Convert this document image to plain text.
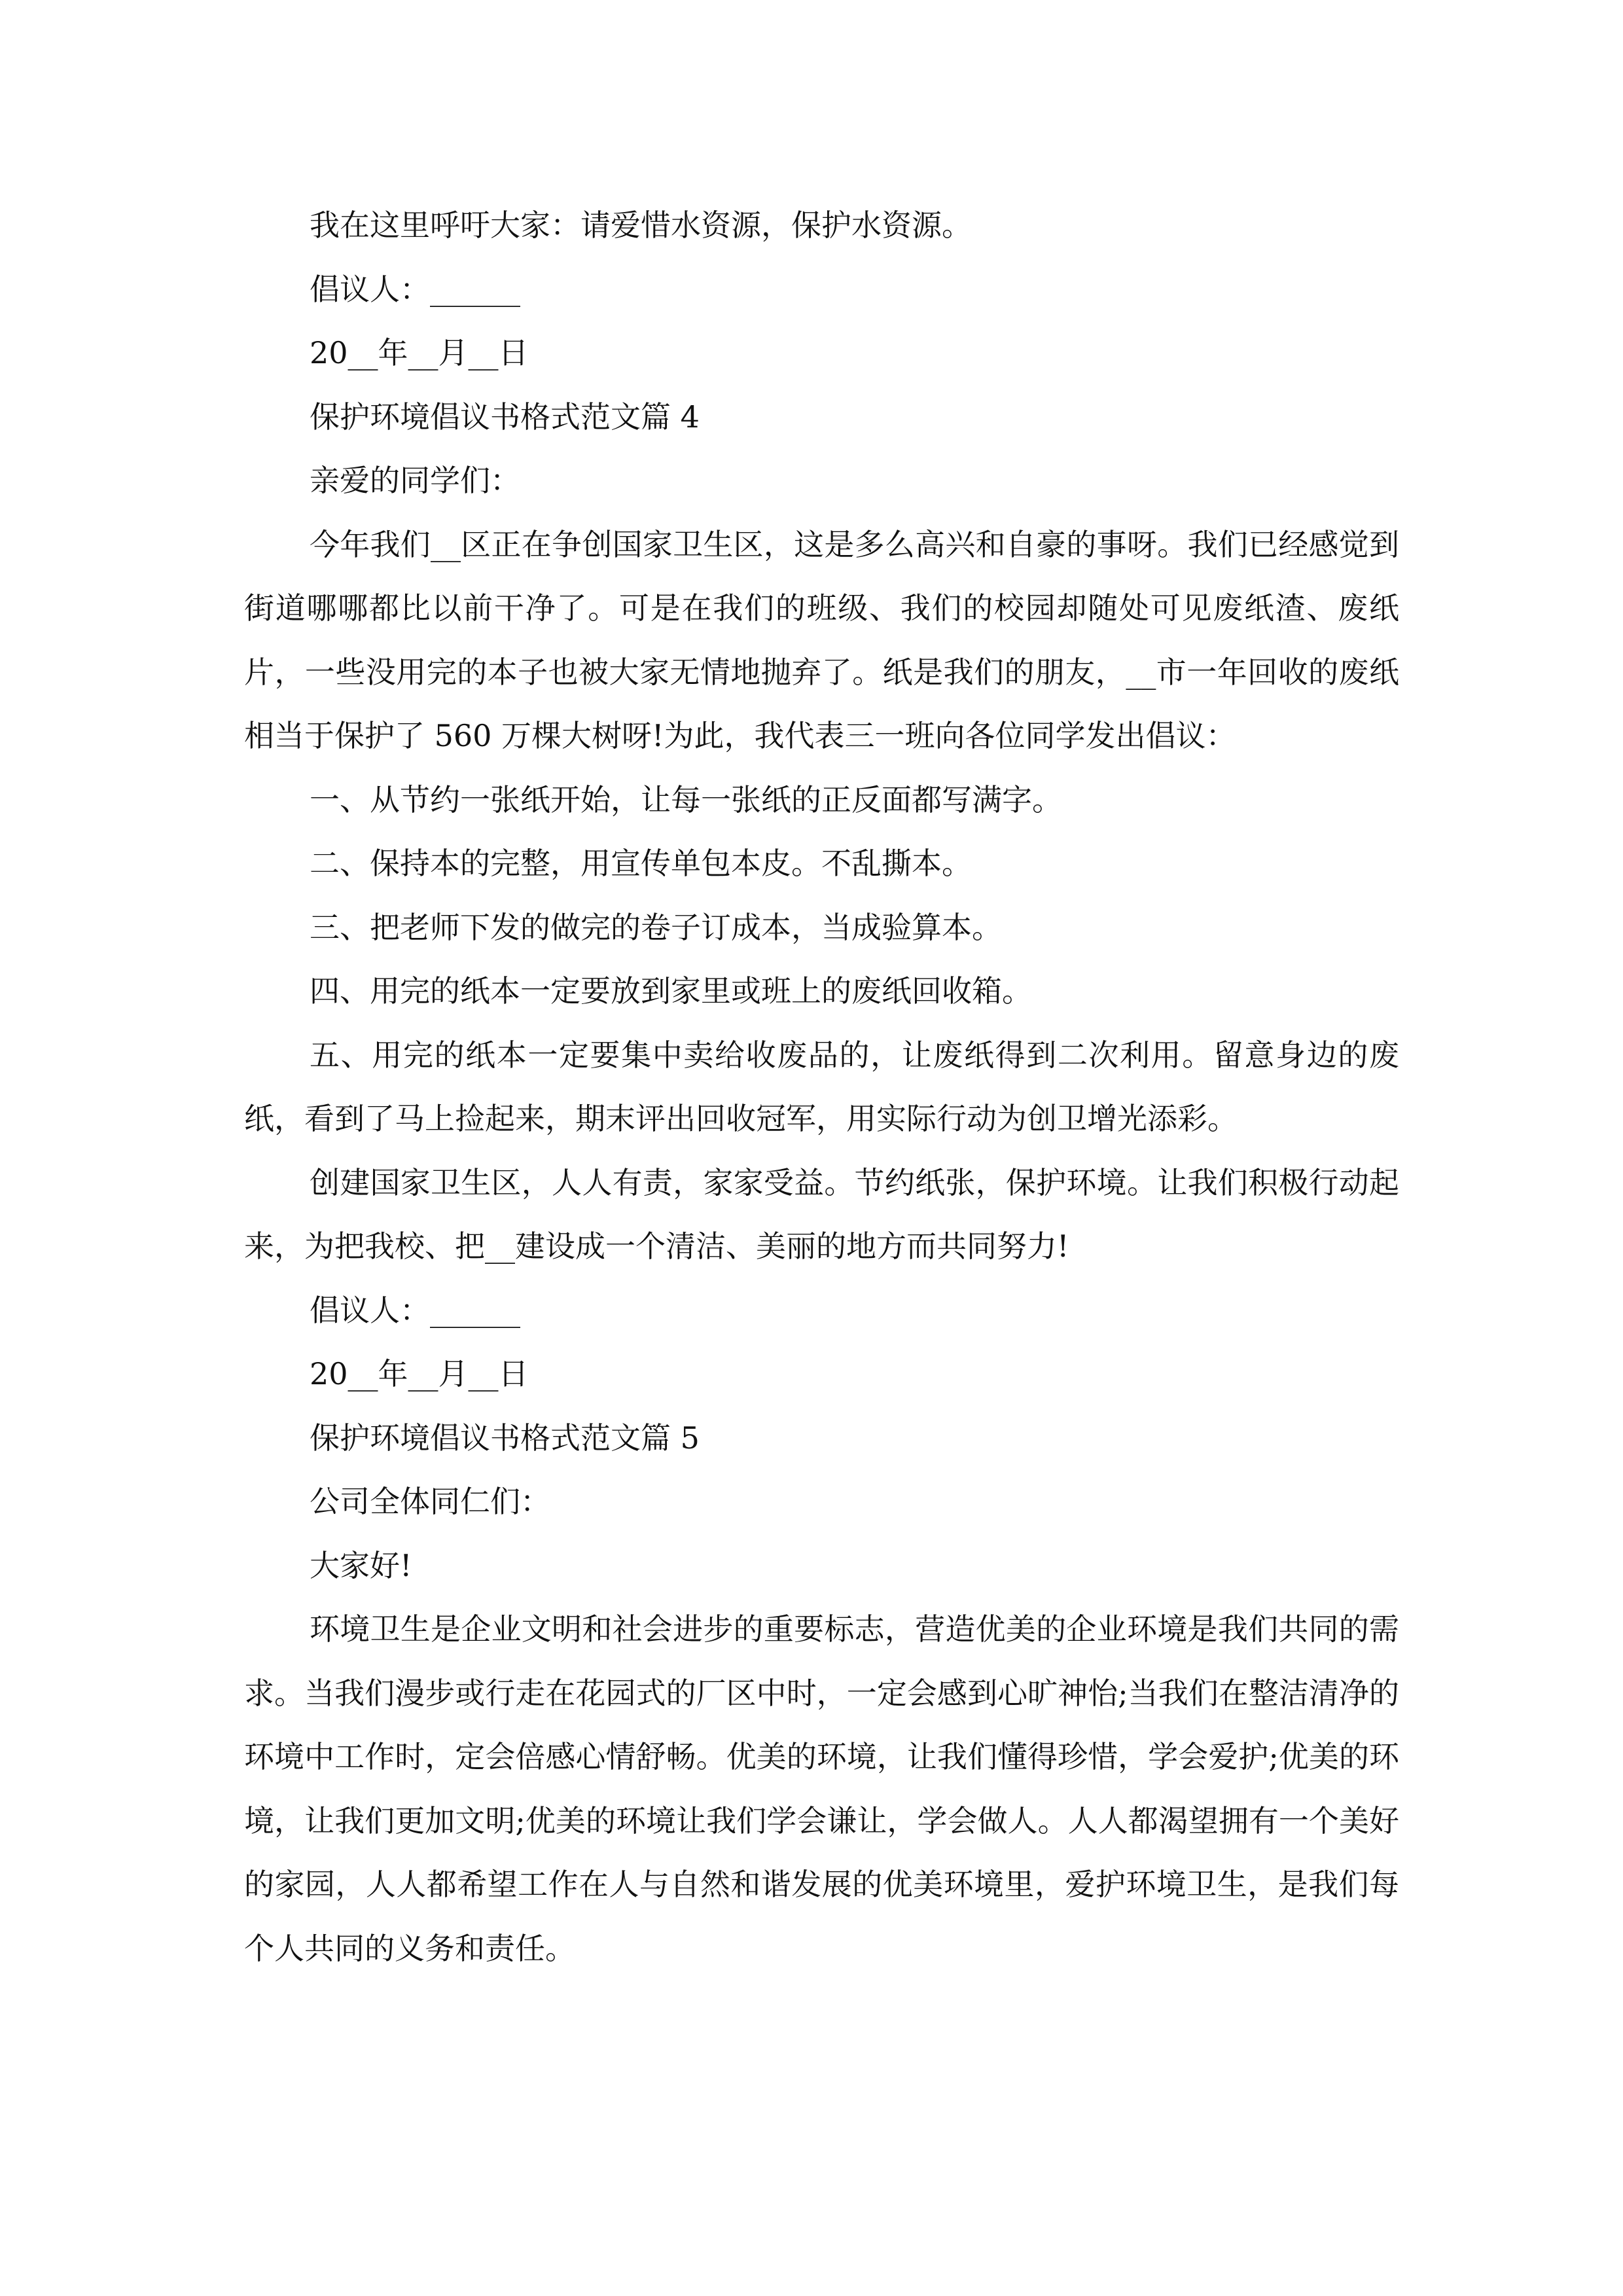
我在这里呼吁大家：请爱惜水资源，保护水资源。

倡议人：______

20__年__月__日

保护环境倡议书格式范文篇 4

亲爱的同学们：

今年我们__区正在争创国家卫生区，这是多么高兴和自豪的事呀。我们已经感觉到街道哪哪都比以前干净了。可是在我们的班级、我们的校园却随处可见废纸渣、废纸片，一些没用完的本子也被大家无情地抛弃了。纸是我们的朋友，__市一年回收的废纸相当于保护了 560 万棵大树呀!为此，我代表三一班向各位同学发出倡议：

一、从节约一张纸开始，让每一张纸的正反面都写满字。

二、保持本的完整，用宣传单包本皮。不乱撕本。

三、把老师下发的做完的卷子订成本，当成验算本。

四、用完的纸本一定要放到家里或班上的废纸回收箱。

五、用完的纸本一定要集中卖给收废品的，让废纸得到二次利用。留意身边的废纸，看到了马上捡起来，期末评出回收冠军，用实际行动为创卫增光添彩。

创建国家卫生区，人人有责，家家受益。节约纸张，保护环境。让我们积极行动起来，为把我校、把__建设成一个清洁、美丽的地方而共同努力!

倡议人：______

20__年__月__日

保护环境倡议书格式范文篇 5

公司全体同仁们：

大家好!

环境卫生是企业文明和社会进步的重要标志，营造优美的企业环境是我们共同的需求。当我们漫步或行走在花园式的厂区中时，一定会感到心旷神怡;当我们在整洁清净的环境中工作时，定会倍感心情舒畅。优美的环境，让我们懂得珍惜，学会爱护;优美的环境，让我们更加文明;优美的环境让我们学会谦让，学会做人。人人都渴望拥有一个美好的家园，人人都希望工作在人与自然和谐发展的优美环境里，爱护环境卫生，是我们每个人共同的义务和责任。
